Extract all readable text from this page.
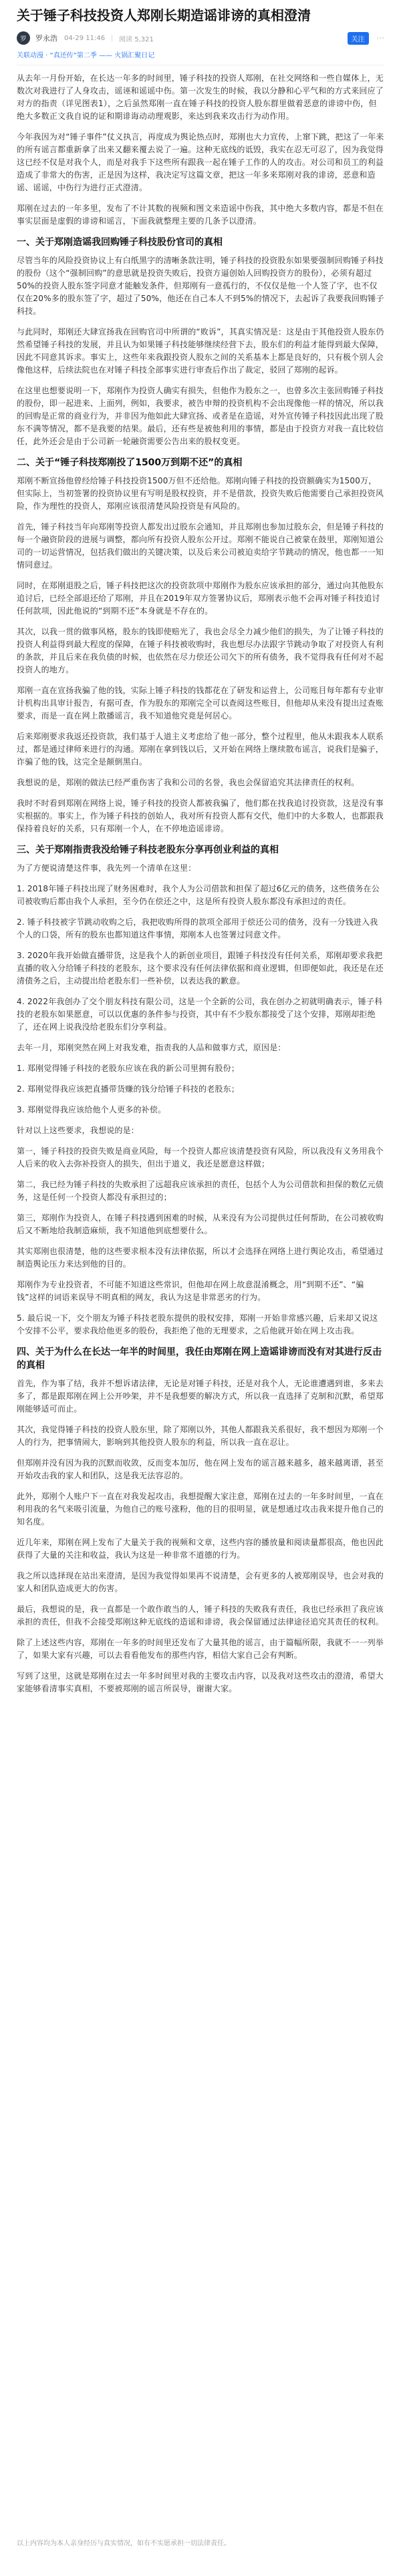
关于锤子科技投资人郑刚长期造谣诽谤的真相澄清
罗	罗永浩 04-29 11:46 阅读 5,321	关注	···
关联动漫 · “真还传”第二季 —— 火锅汇聚日记

从去年一月份开始，在长达一年多的时间里，锤子科技的投资人郑刚，在社交网络和一些自媒体上，无数次对我进行了人身攻击，谣诬和谣谣中伤。第一次发生的时候，我以分静和心平气和的方式来回应了对方的指责（详见图表1），之后虽然郑刚一直在锤子科技的投资人股东群里做着恶意的诽谤中伤，但绝大多数正文我自说的证和期诽诲动动理观影，来达到我来攻击行为动作用。

今年我因为对“锤子事件”仗义执言，再度成为舆论热点时，郑刚也大力宣传，上窜下跳，把这了一年来的所有谣言都重新拿了出来又翻来覆去说了一遍。这种无底线的诋毁，我实在忍无可忍了，因为我觉得这已经不仅是对我个人，而是对我手下这些所有跟我一起在锤子工作的人的攻击。对公司和员工的利益造成了非常大的伤害，正是因为这样，我决定写这篇文章，把这一年多来郑刚对我的诽谤，恶意和造谣、谣谣，中伤行为进行正式澄清。

郑刚在过去的一年多里，发布了不计其数的视频和图文来造谣中伤我，其中绝大多数内容，都是不但在事实层面是虚假的诽谤和谣言，下面我就整理主要的几条予以澄清。

一、关于郑刚造谣我回购锤子科技股份官司的真相

尽管当年的风险投资协议上有白纸黑字的清晰条款注明，锤子科技的投资股东如果要强制回购锤子科技的股份（这个“强制回购”的意思就是投资失败后，投资方逼创始人回购投资方的股份），必须有超过50%的投资人股东签字同意才能触发条件，但郑刚有一意孤行的，不仅仅是他一个人签了字，也不仅仅在20%多的股东签了字，超过了50%，他还在自己本人不到5%的情况下，去起诉了我要我回购锤子科技。

与此同时，郑刚还大肆宣扬我在回购官司中所谓的“败诉”，其真实情况是：这是由于其他投资人股东仍然希望锤子科技的发展，并且认为如果锤子科技能够继续经营下去，股东们的利益才能得到最大保障，因此不同意其诉求。事实上，这些年来我跟投资人股东之间的关系基本上都是良好的，只有极个别人会像他这样，后续法院也在对锤子科技全部事实进行审查后作出了裁定，驳回了郑刚的起诉。

在这里也想要说明一下，郑刚作为投资人确实有损失，但他作为股东之一，也曾多次主张回购锤子科技的股份，即一起进来、上面列，例如，我要求，被告申辩的投资机构不会出现像他一样的情况，所以我的回购是正常的商业行为，并非因为他如此大肆宣扬、或者是在造谣，对外宣传锤子科技因此出现了股东不满等情况，都不是我要的结果。最后，还有些是被他利用的事情，都是由于投资方对我一直比较信任，此外还会是由于公司新一轮融资需要公告出来的股权变更。

二、关于“锤子科技郑刚投了1500万到期不还”的真相

郑刚不断宣扬他曾经给锤子科技投资1500万但不还给他。郑刚向锤子科技的投资额确实为1500万，但实际上，当初签署的投资协议里有写明是股权投资，并不是借款，投资失败后他需要自己承担投资风险，作为理性的投资人，郑刚应该很清楚风险投资是有风险的。

首先，锤子科技当年向郑刚等投资人都发出过股东会通知，并且郑刚也参加过股东会，但是锤子科技的每一个融资阶段的进展与调整，都向所有投资人股东公开过。郑刚不能说自己被蒙在鼓里，郑刚知道公司的一切运营情况，包括我们做出的关键决策，以及后来公司被迫卖给字节跳动的情况，他也都一一知情同意过。

同时，在郑刚退股之后，锤子科技把这次的投资款项中郑刚作为股东应该承担的部分，通过向其他股东追讨后，已经全部退还给了郑刚，并且在2019年双方签署协议后，郑刚表示他不会再对锤子科技追讨任何款项，因此他说的“到期不还”本身就是不存在的。

其次，以我一贯的做事风格，股东的钱即使赔光了，我也会尽全力减少他们的损失，为了让锤子科技的投资人利益得到最大程度的保障，在锤子科技被收购时，我也想尽办法跟字节跳动争取了对投资人有利的条款，并且后来在我负债的时候，也依然在尽力偿还公司欠下的所有债务，我不觉得我有任何对不起投资人的地方。

郑刚一直在宣扬我骗了他的钱，实际上锤子科技的钱都花在了研发和运营上，公司账目每年都有专业审计机构出具审计报告，有据可查，作为股东的郑刚完全可以查阅这些账目，但他却从来没有提出过查账要求，而是一直在网上散播谣言，我不知道他究竟是何居心。

后来郑刚要求我返还投资款，我们基于人道主义考虑给了他一部分，整个过程里，他从未跟我本人联系过，都是通过律师来进行的沟通。郑刚在拿到钱以后，又开始在网络上继续散布谣言，说我们是骗子，诈骗了他的钱，这完全是颠倒黑白。

我想说的是，郑刚的做法已经严重伤害了我和公司的名誉，我也会保留追究其法律责任的权利。

我时不时看到郑刚在网络上说，锤子科技的投资人都被我骗了，他们都在找我追讨投资款，这是没有事实根据的。事实上，作为锤子科技的创始人，我对所有投资人都有交代，他们中的大多数人，也都跟我保持着良好的关系，只有郑刚一个人，在不停地造谣诽谤。

三、关于郑刚指责我没给锤子科技老股东分享再创业利益的真相

为了方便说清楚这件事，我先列一个清单在这里：

1. 2018年锤子科技出现了财务困难时，我个人为公司借款和担保了超过6亿元的债务，这些债务在公司被收购后都由我个人承担，至今仍在偿还之中，这是所有投资人股东都没有承担过的责任。

2. 锤子科技被字节跳动收购之后，我把收购所得的款项全部用于偿还公司的债务，没有一分钱进入我个人的口袋，所有的股东也都知道这件事情，郑刚本人也签署过同意文件。

3. 2020年我开始做直播带货，这是我个人的新创业项目，跟锤子科技没有任何关系，郑刚却要求我把直播的收入分给锤子科技的老股东，这个要求没有任何法律依据和商业逻辑，但即便如此，我还是在还清债务之后，主动提出给老股东们一些补偿，以表达我的歉意。

4. 2022年我创办了交个朋友科技有限公司，这是一个全新的公司，我在创办之初就明确表示，锤子科技的老股东如果愿意，可以以优惠的条件参与投资，其中有不少股东都接受了这个安排，郑刚却拒绝了，还在网上说我没给老股东们分享利益。

去年一月，郑刚突然在网上对我发难，指责我的人品和做事方式，原因是：

1. 郑刚觉得锤子科技的老股东应该在我的新公司里拥有股份；

2. 郑刚觉得我应该把直播带货赚的钱分给锤子科技的老股东；

3. 郑刚觉得我应该给他个人更多的补偿。

针对以上这些要求，我想说的是：

第一，锤子科技的投资失败是商业风险，每一个投资人都应该清楚投资有风险，所以我没有义务用我个人后来的收入去弥补投资人的损失，但出于道义，我还是愿意这样做；

第二，我已经为锤子科技的失败承担了远超我应该承担的责任，包括个人为公司借款和担保的数亿元债务，这是任何一个投资人都没有承担过的；

第三，郑刚作为投资人，在锤子科技遇到困难的时候，从来没有为公司提供过任何帮助，在公司被收购后又不断地给我制造麻烦，我不知道他到底想要什么。

其实郑刚也很清楚，他的这些要求根本没有法律依据，所以才会选择在网络上进行舆论攻击，希望通过制造舆论压力来达到他的目的。

郑刚作为专业投资者，不可能不知道这些常识，但他却在网上故意混淆概念，用“到期不还”、“骗钱”这样的词语来误导不明真相的网友，我认为这是非常恶劣的行为。

5. 最后说一下，交个朋友为锤子科技老股东提供的股权安排，郑刚一开始非常感兴趣，后来却又说这个安排不公平，要求我给他更多的股份，我拒绝了他的无理要求，之后他就开始在网上攻击我。

四、关于为什么在长达一年半的时间里，我任由郑刚在网上造谣诽谤而没有对其进行反击的真相

首先，作为事了结，我并不想诉诸法律，无论是对锤子科技，还是对我个人，无论谁遭遇到谁，多来去多了，都是跟郑刚在网上公开吵架，并不是我想要的解决方式，所以我一直选择了克制和沉默，希望郑刚能够适可而止。

其次，我觉得锤子科技的投资人股东里，除了郑刚以外，其他人都跟我关系很好，我不想因为郑刚一个人的行为，把事情闹大，影响到其他投资人股东的利益，所以我一直在忍让。

但郑刚并没有因为我的沉默而收敛，反而变本加厉，他在网上发布的谣言越来越多，越来越离谱，甚至开始攻击我的家人和团队，这是我无法容忍的。

此外，郑刚个人账户下一直在对我发起攻击，我想提醒大家注意，郑刚在过去的一年多时间里，一直在利用我的名气来吸引流量，为他自己的账号涨粉，他的目的很明显，就是想通过攻击我来提升他自己的知名度。

近几年来，郑刚在网上发布了大量关于我的视频和文章，这些内容的播放量和阅读量都很高，他也因此获得了大量的关注和收益，我认为这是一种非常不道德的行为。

我之所以选择现在站出来澄清，是因为我觉得如果再不说清楚，会有更多的人被郑刚误导，也会对我的家人和团队造成更大的伤害。

最后，我想说的是，我一直都是一个敢作敢当的人，锤子科技的失败我有责任，我也已经承担了我应该承担的责任，但我不会接受郑刚这种无底线的造谣和诽谤，我会保留通过法律途径追究其责任的权利。

除了上述这些内容，郑刚在一年多的时间里还发布了大量其他的谣言，由于篇幅所限，我就不一一列举了，如果大家有兴趣，可以去看看他发布的那些内容，相信大家自己会有判断。

写到了这里，这就是郑刚在过去一年多时间里对我的主要攻击内容，以及我对这些攻击的澄清，希望大家能够看清事实真相，不要被郑刚的谣言所误导，谢谢大家。

以上内容均为本人亲身经历与真实情况，如有不实愿承担一切法律责任。
